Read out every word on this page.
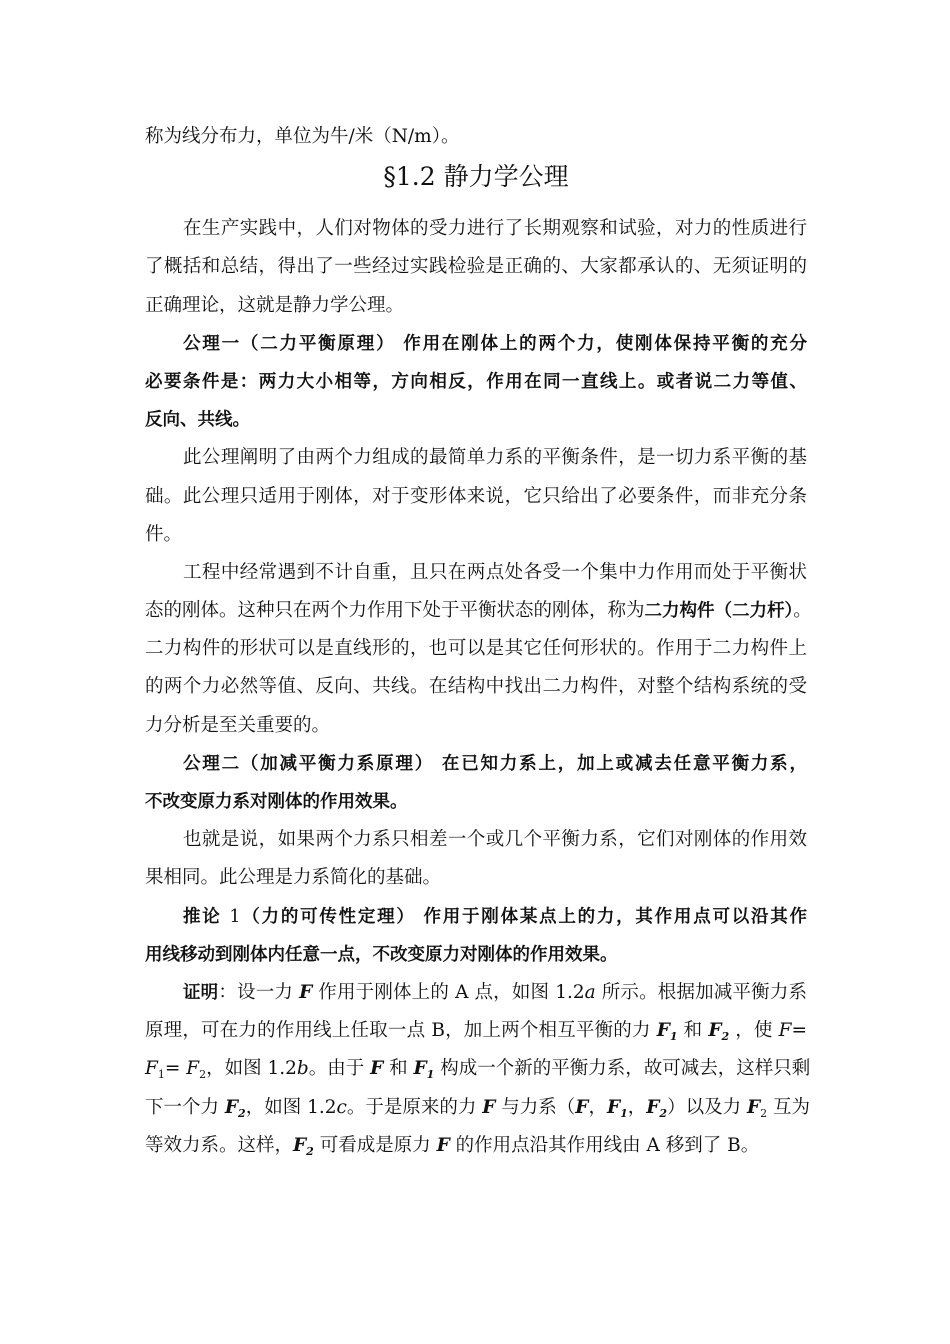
称为线分布力，单位为牛/米（N/m）。
§1.2 静力学公理
在生产实践中，人们对物体的受力进行了长期观察和试验，对力的性质进行
了概括和总结，得出了一些经过实践检验是正确的、大家都承认的、无须证明的
正确理论，这就是静力学公理。
公理一（二力平衡原理） 作用在刚体上的两个力，使刚体保持平衡的充分
必要条件是：两力大小相等，方向相反，作用在同一直线上。或者说二力等值、
反向、共线。
此公理阐明了由两个力组成的最简单力系的平衡条件，是一切力系平衡的基
础。此公理只适用于刚体，对于变形体来说，它只给出了必要条件，而非充分条
件。
工程中经常遇到不计自重，且只在两点处各受一个集中力作用而处于平衡状
态的刚体。这种只在两个力作用下处于平衡状态的刚体，称为二力构件（二力杆）。
二力构件的形状可以是直线形的，也可以是其它任何形状的。作用于二力构件上
的两个力必然等值、反向、共线。在结构中找出二力构件，对整个结构系统的受
力分析是至关重要的。
公理二（加减平衡力系原理） 在已知力系上，加上或减去任意平衡力系，
不改变原力系对刚体的作用效果。
也就是说，如果两个力系只相差一个或几个平衡力系，它们对刚体的作用效
果相同。此公理是力系简化的基础。
推论 1（力的可传性定理） 作用于刚体某点上的力，其作用点可以沿其作
用线移动到刚体内任意一点，不改变原力对刚体的作用效果。
证明：设一力 F 作用于刚体上的 A 点，如图 1.2a 所示。根据加减平衡力系
原理，可在力的作用线上任取一点 B，加上两个相互平衡的力 $F_1$ 和 $F_2$ ，使 F=
$F_1= F_2$，如图 1.2b。由于 F 和 $F_1$ 构成一个新的平衡力系，故可减去，这样只剩
下一个力 $F_2$，如图 1.2c。于是原来的力 F 与力系（F，$F_1$，$F_2$）以及力 $F_2$ 互为
等效力系。这样，$F_2$ 可看成是原力 F 的作用点沿其作用线由 A 移到了 B。
